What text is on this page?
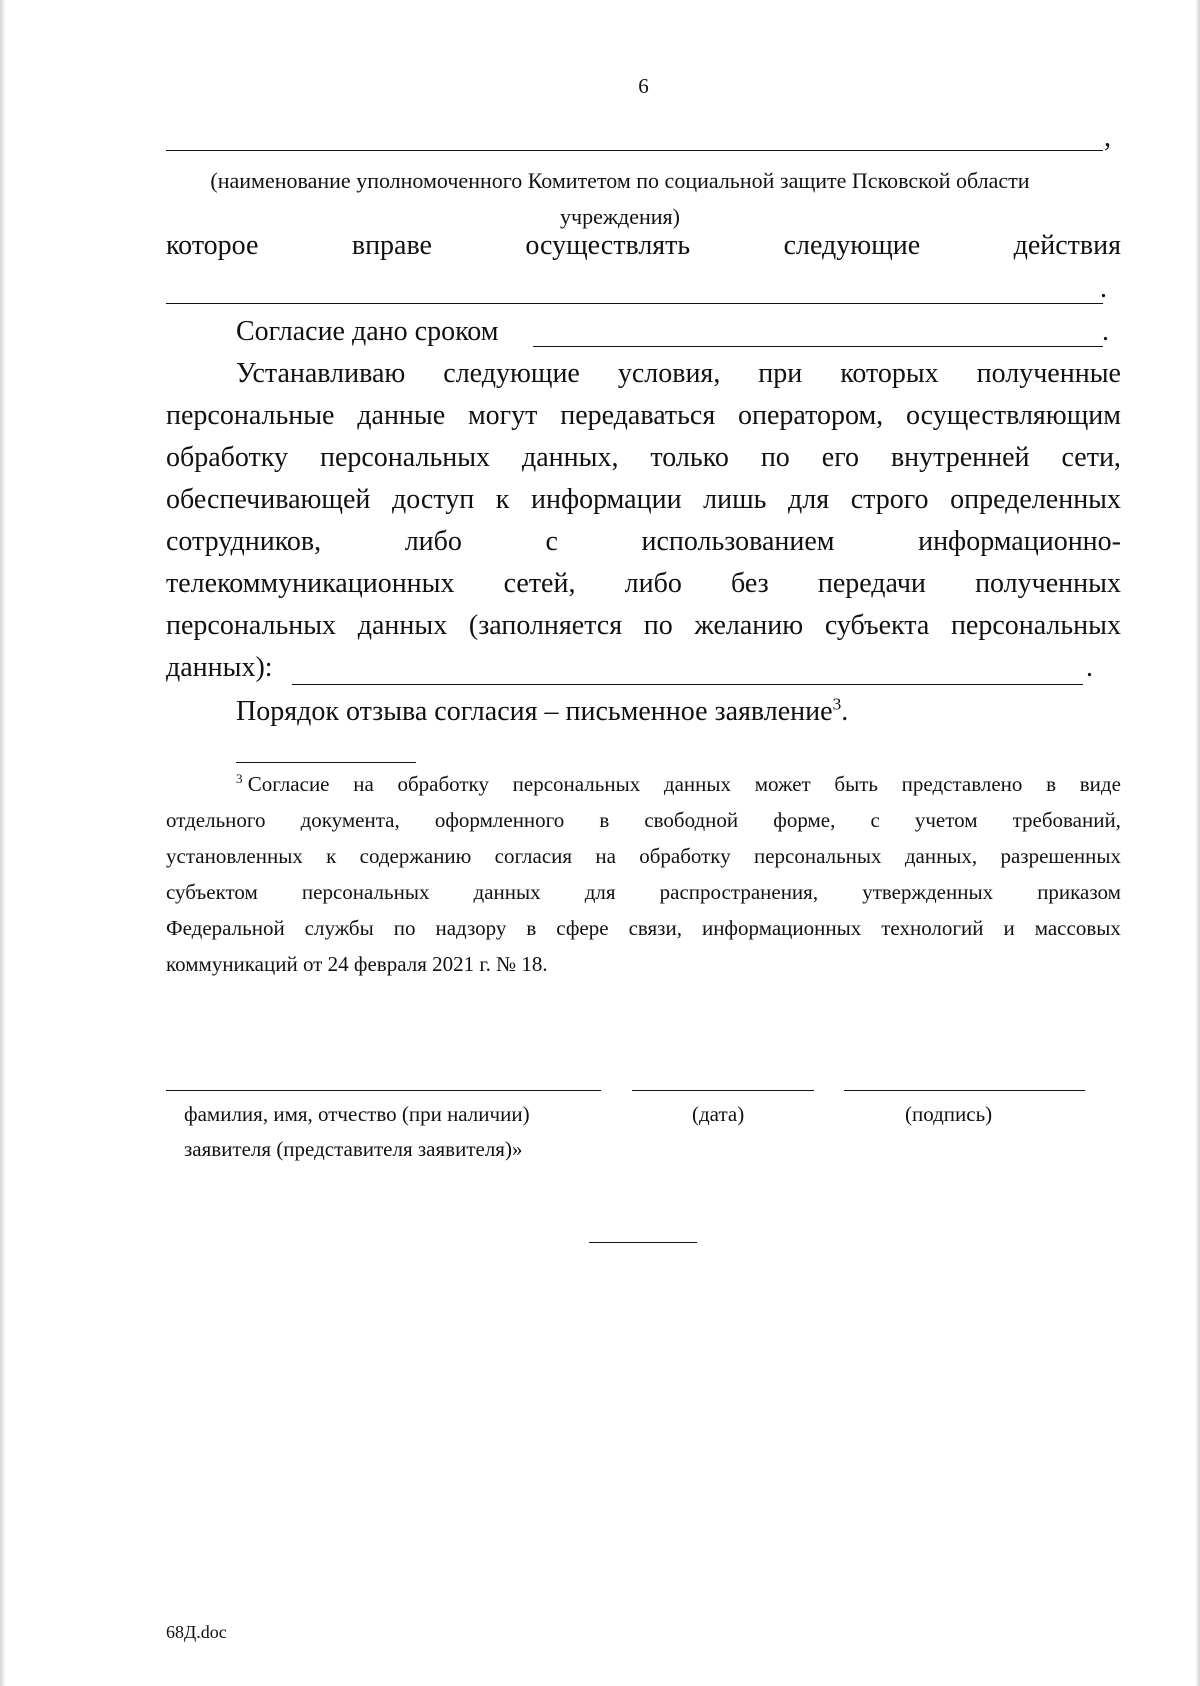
6
,
(наименование уполномоченного Комитетом по социальной защите Псковской области учреждения)
которое	вправе	осуществлять	следующие	действия
.
Согласие дано сроком	.
Устанавливаю следующие условия, при которых полученные
персональные данные могут передаваться оператором, осуществляющим
обработку персональных данных, только по его внутренней сети,
обеспечивающей доступ к информации лишь для строго определенных
сотрудников,	либо	с	использованием	информационно-
телекоммуникационных сетей, либо без передачи полученных
персональных данных (заполняется по желанию субъекта персональных
данных):	.
Порядок отзыва согласия – письменное заявление$^3$.
$^3$ Согласие на обработку персональных данных может быть представлено в виде
отдельного документа, оформленного в свободной форме, с учетом требований,
установленных к содержанию согласия на обработку персональных данных, разрешенных
субъектом персональных данных для распространения, утвержденных приказом
Федеральной службы по надзору в сфере связи, информационных технологий и массовых
коммуникаций от 24 февраля 2021 г. № 18.
фамилия, имя, отчество (при наличии)
заявителя (представителя заявителя)»
(дата)	(подпись)
68Д.doc
